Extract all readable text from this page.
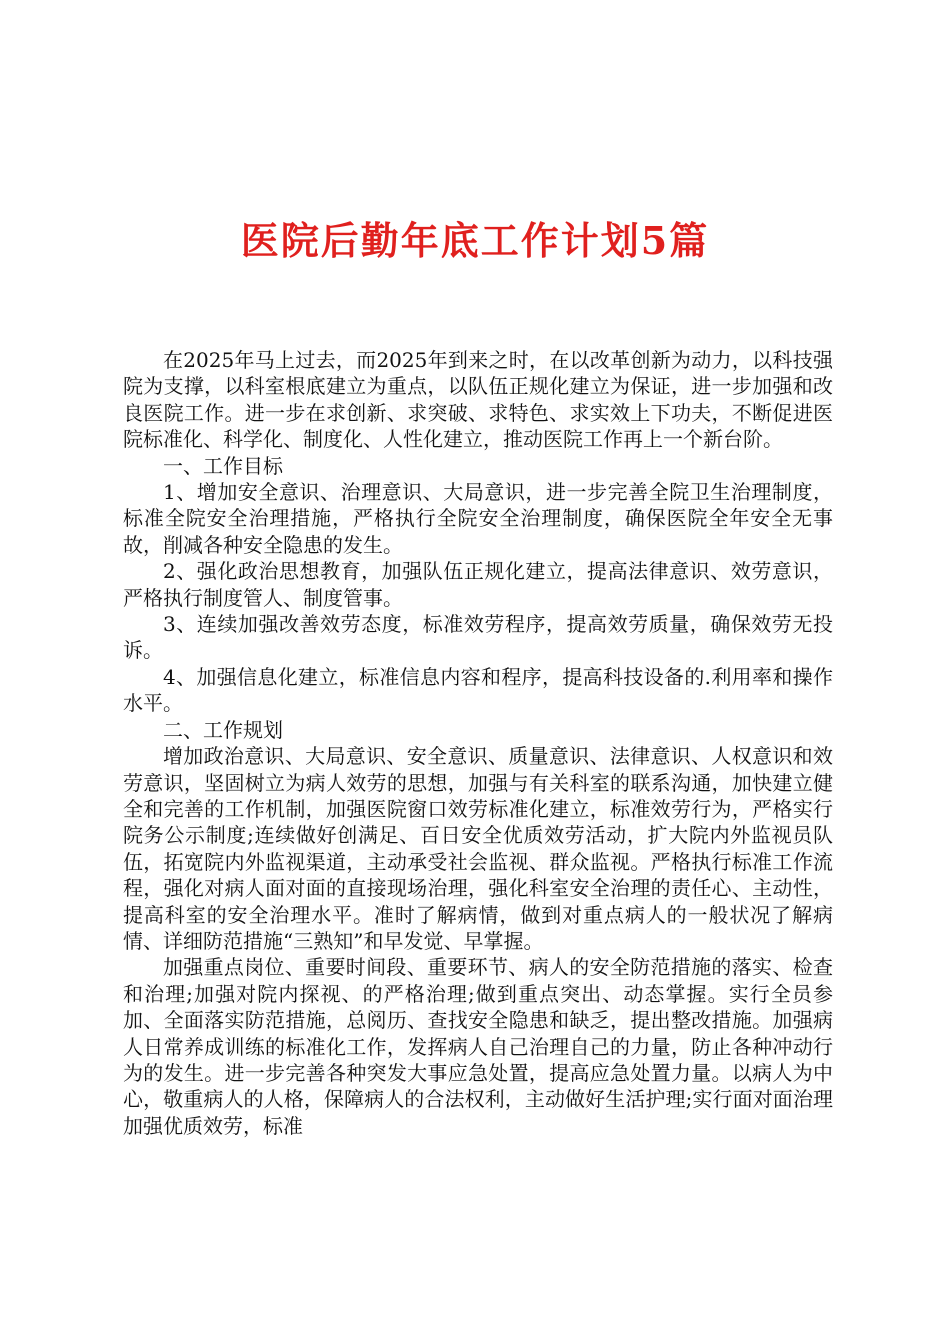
医院后勤年底工作计划5篇

在2025年马上过去，而2025年到来之时，在以改革创新为动力，以科技强院为支撑，以科室根底建立为重点，以队伍正规化建立为保证，进一步加强和改良医院工作。进一步在求创新、求突破、求特色、求实效上下功夫，不断促进医院标准化、科学化、制度化、人性化建立，推动医院工作再上一个新台阶。

一、工作目标

1、增加安全意识、治理意识、大局意识，进一步完善全院卫生治理制度，标准全院安全治理措施，严格执行全院安全治理制度，确保医院全年安全无事故，削减各种安全隐患的发生。

2、强化政治思想教育，加强队伍正规化建立，提高法律意识、效劳意识，严格执行制度管人、制度管事。

3、连续加强改善效劳态度，标准效劳程序，提高效劳质量，确保效劳无投诉。

4、加强信息化建立，标准信息内容和程序，提高科技设备的.利用率和操作水平。

二、工作规划

增加政治意识、大局意识、安全意识、质量意识、法律意识、人权意识和效劳意识，坚固树立为病人效劳的思想，加强与有关科室的联系沟通，加快建立健全和完善的工作机制，加强医院窗口效劳标准化建立，标准效劳行为，严格实行院务公示制度;连续做好创满足、百日安全优质效劳活动，扩大院内外监视员队伍，拓宽院内外监视渠道，主动承受社会监视、群众监视。严格执行标准工作流程，强化对病人面对面的直接现场治理，强化科室安全治理的责任心、主动性，提高科室的安全治理水平。准时了解病情，做到对重点病人的一般状况了解病情、详细防范措施“三熟知”和早发觉、早掌握。

加强重点岗位、重要时间段、重要环节、病人的安全防范措施的落实、检查和治理;加强对院内探视、的严格治理;做到重点突出、动态掌握。实行全员参加、全面落实防范措施，总阅历、查找安全隐患和缺乏，提出整改措施。加强病人日常养成训练的标准化工作，发挥病人自己治理自己的力量，防止各种冲动行为的发生。进一步完善各种突发大事应急处置，提高应急处置力量。以病人为中心，敬重病人的人格，保障病人的合法权利，主动做好生活护理;实行面对面治理加强优质效劳，标准
